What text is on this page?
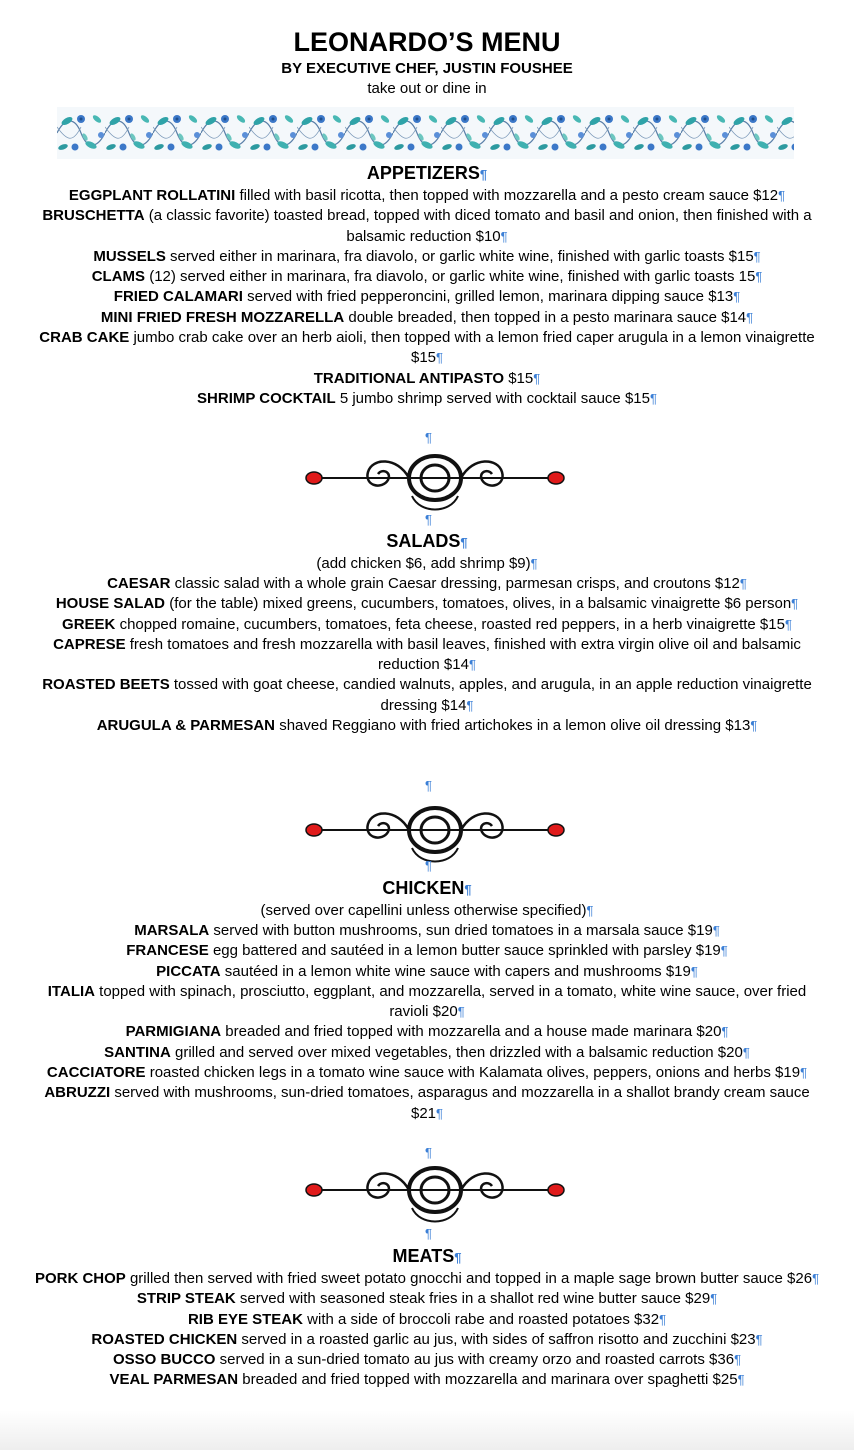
LEONARDO’S MENU
BY EXECUTIVE CHEF, JUSTIN FOUSHEE
take out or dine in
APPETIZERS¶
EGGPLANT ROLLATINI filled with basil ricotta, then topped with mozzarella and a pesto cream sauce $12¶
BRUSCHETTA (a classic favorite) toasted bread, topped with diced tomato and basil and onion, then finished with a balsamic reduction $10¶
MUSSELS served either in marinara, fra diavolo, or garlic white wine, finished with garlic toasts $15¶
CLAMS (12) served either in marinara, fra diavolo, or garlic white wine, finished with garlic toasts 15¶
FRIED CALAMARI served with fried pepperoncini, grilled lemon, marinara dipping sauce $13¶
MINI FRIED FRESH MOZZARELLA double breaded, then topped in a pesto marinara sauce $14¶
CRAB CAKE jumbo crab cake over an herb aioli, then topped with a lemon fried caper arugula in a lemon vinaigrette $15¶
TRADITIONAL ANTIPASTO $15¶
SHRIMP COCKTAIL 5 jumbo shrimp served with cocktail sauce $15¶
¶
¶
SALADS¶
(add chicken $6, add shrimp $9)¶
CAESAR classic salad with a whole grain Caesar dressing, parmesan crisps, and croutons $12¶
HOUSE SALAD (for the table) mixed greens, cucumbers, tomatoes, olives, in a balsamic vinaigrette $6 person¶
GREEK chopped romaine, cucumbers, tomatoes, feta cheese, roasted red peppers, in a herb vinaigrette $15¶
CAPRESE fresh tomatoes and fresh mozzarella with basil leaves, finished with extra virgin olive oil and balsamic reduction $14¶
ROASTED BEETS tossed with goat cheese, candied walnuts, apples, and arugula, in an apple reduction vinaigrette dressing $14¶
ARUGULA & PARMESAN shaved Reggiano with fried artichokes in a lemon olive oil dressing $13¶
¶
¶
CHICKEN¶
(served over capellini unless otherwise specified)¶
MARSALA served with button mushrooms, sun dried tomatoes in a marsala sauce $19¶
FRANCESE egg battered and sautéed in a lemon butter sauce sprinkled with parsley $19¶
PICCATA sautéed in a lemon white wine sauce with capers and mushrooms $19¶
ITALIA topped with spinach, prosciutto, eggplant, and mozzarella, served in a tomato, white wine sauce, over fried ravioli $20¶
PARMIGIANA breaded and fried topped with mozzarella and a house made marinara $20¶
SANTINA grilled and served over mixed vegetables, then drizzled with a balsamic reduction $20¶
CACCIATORE roasted chicken legs in a tomato wine sauce with Kalamata olives, peppers, onions and herbs $19¶
ABRUZZI served with mushrooms, sun-dried tomatoes, asparagus and mozzarella in a shallot brandy cream sauce $21¶
¶
¶
MEATS¶
PORK CHOP grilled then served with fried sweet potato gnocchi and topped in a maple sage brown butter sauce $26¶
STRIP STEAK served with seasoned steak fries in a shallot red wine butter sauce $29¶
RIB EYE STEAK with a side of broccoli rabe and roasted potatoes $32¶
ROASTED CHICKEN served in a roasted garlic au jus, with sides of saffron risotto and zucchini $23¶
OSSO BUCCO served in a sun-dried tomato au jus with creamy orzo and roasted carrots $36¶
VEAL PARMESAN breaded and fried topped with mozzarella and marinara over spaghetti $25¶
